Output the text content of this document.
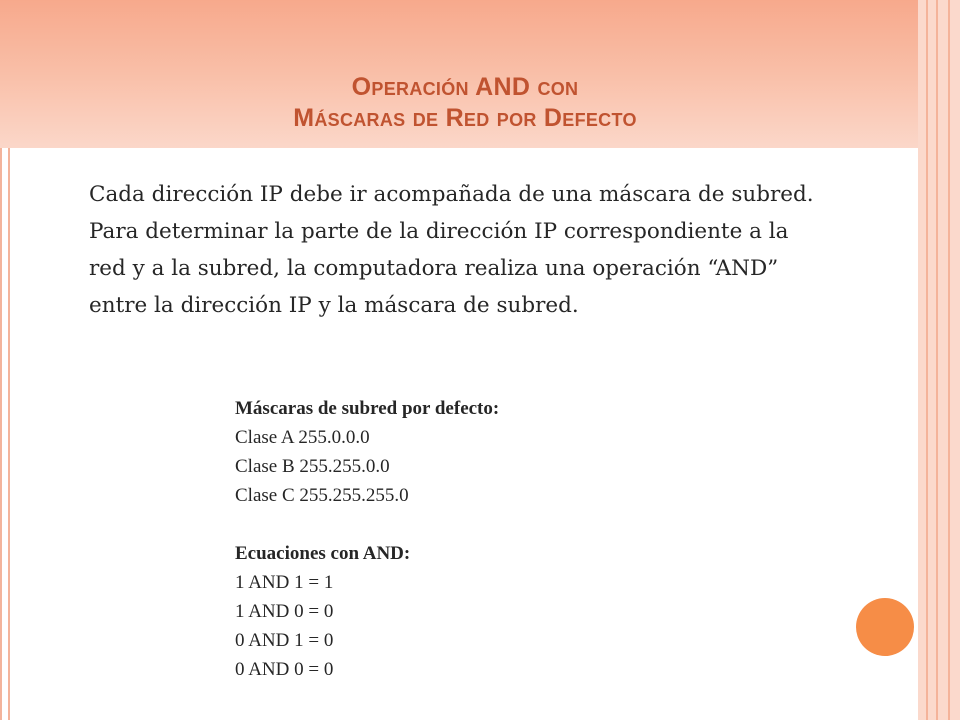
Operación AND con
Máscaras de Red por Defecto

Cada dirección IP debe ir acompañada de una máscara de subred. Para determinar la parte de la dirección IP correspondiente a la red y a la subred, la computadora realiza una operación “AND” entre la dirección IP y la máscara de subred.

Máscaras de subred por defecto:
Clase A 255.0.0.0
Clase B 255.255.0.0
Clase C 255.255.255.0
Ecuaciones con AND:
1 AND 1 = 1
1 AND 0 = 0
0 AND 1 = 0
0 AND 0 = 0
